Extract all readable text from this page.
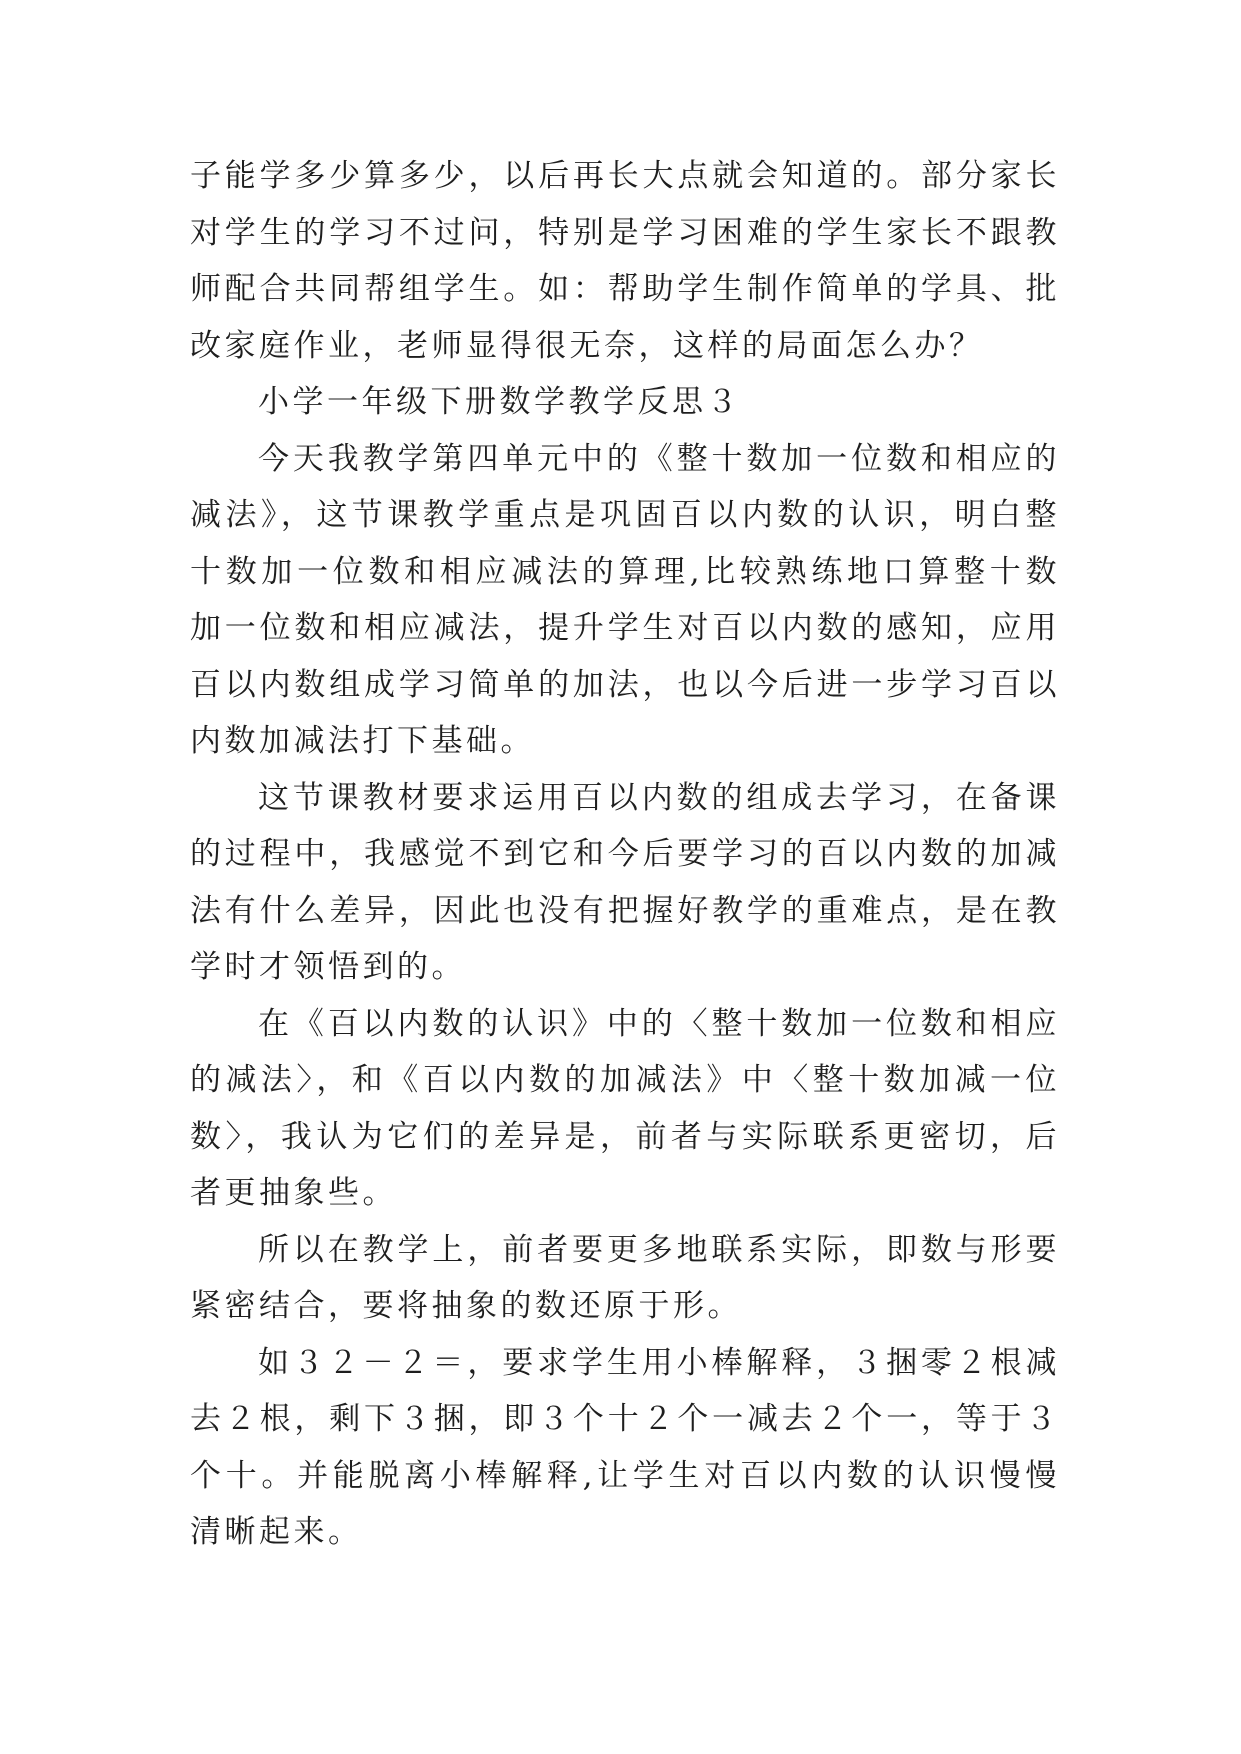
子能学多少算多少，以后再长大点就会知道的。部分家长对学生的学习不过问，特别是学习困难的学生家长不跟教师配合共同帮组学生。如：帮助学生制作简单的学具、批改家庭作业，老师显得很无奈，这样的局面怎么办？

小学一年级下册数学教学反思３

今天我教学第四单元中的《整十数加一位数和相应的减法》，这节课教学重点是巩固百以内数的认识，明白整十数加一位数和相应减法的算理,比较熟练地口算整十数加一位数和相应减法，提升学生对百以内数的感知，应用百以内数组成学习简单的加法，也以今后进一步学习百以内数加减法打下基础。

这节课教材要求运用百以内数的组成去学习，在备课的过程中，我感觉不到它和今后要学习的百以内数的加减法有什么差异，因此也没有把握好教学的重难点，是在教学时才领悟到的。

在《百以内数的认识》中的〈整十数加一位数和相应的减法〉，和《百以内数的加减法》中〈整十数加减一位数〉，我认为它们的差异是，前者与实际联系更密切，后者更抽象些。

所以在教学上，前者要更多地联系实际，即数与形要紧密结合，要将抽象的数还原于形。

如３２－２＝，要求学生用小棒解释，３捆零２根减去２根，剩下３捆，即３个十２个一减去２个一，等于３个十。并能脱离小棒解释,让学生对百以内数的认识慢慢清晰起来。
